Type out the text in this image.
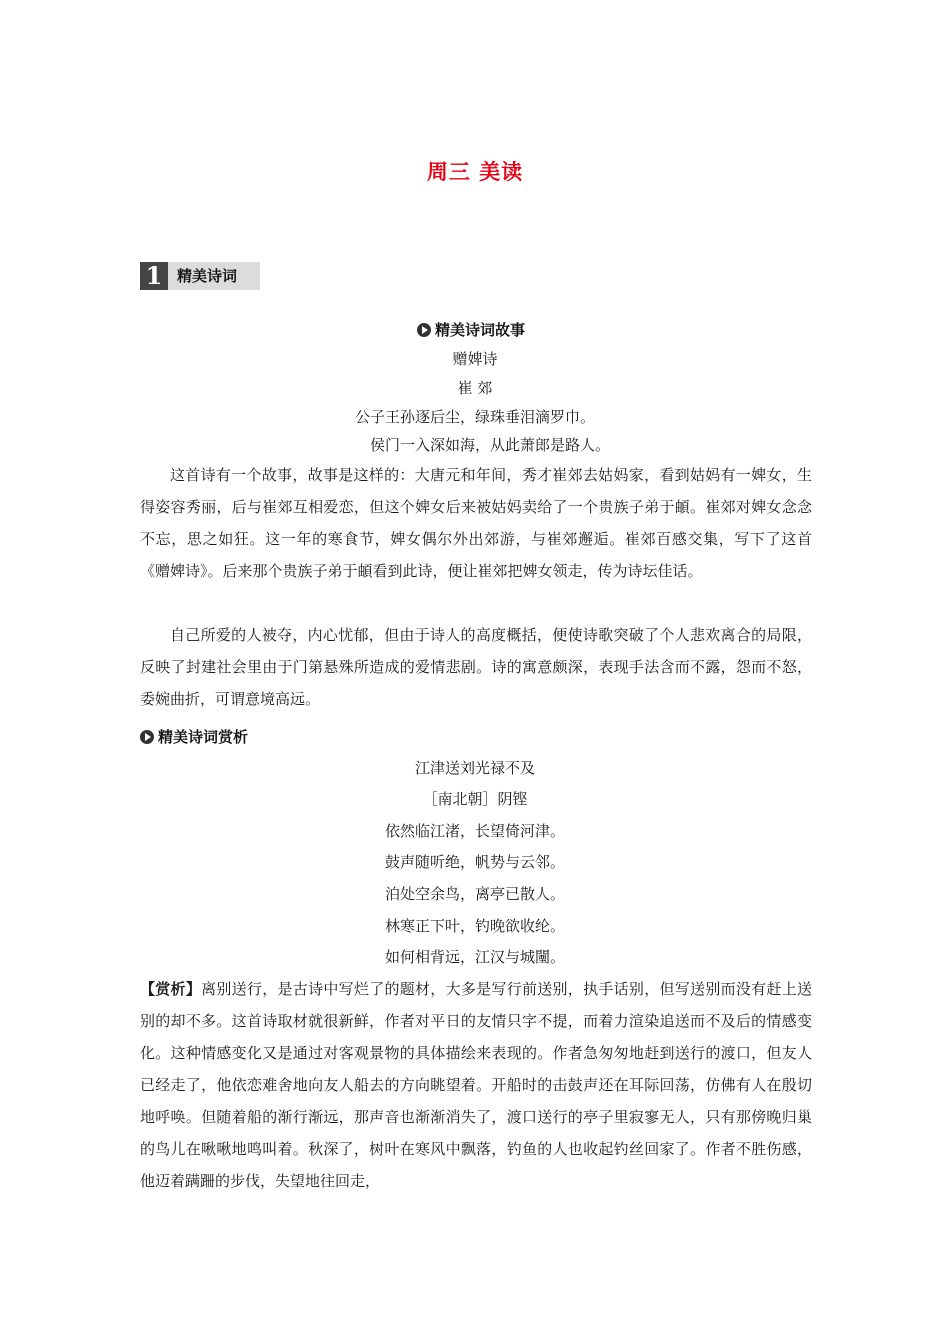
周三 美读
1 精美诗词
精美诗词故事
赠婢诗
崔 郊
公子王孙逐后尘，绿珠垂泪滴罗巾。
侯门一入深如海，从此萧郎是路人。
这首诗有一个故事，故事是这样的：大唐元和年间，秀才崔郊去姑妈家，看到姑妈有一婢女，生得姿容秀丽，后与崔郊互相爱恋，但这个婢女后来被姑妈卖给了一个贵族子弟于頔。崔郊对婢女念念不忘，思之如狂。这一年的寒食节，婢女偶尔外出郊游，与崔郊邂逅。崔郊百感交集，写下了这首《赠婢诗》。后来那个贵族子弟于頔看到此诗，便让崔郊把婢女领走，传为诗坛佳话。
自己所爱的人被夺，内心忧郁，但由于诗人的高度概括，便使诗歌突破了个人悲欢离合的局限，反映了封建社会里由于门第悬殊所造成的爱情悲剧。诗的寓意颇深，表现手法含而不露，怨而不怒，委婉曲折，可谓意境高远。
精美诗词赏析
江津送刘光禄不及
［南北朝］阴铿
依然临江渚，长望倚河津。
鼓声随听绝，帆势与云邻。
泊处空余鸟，离亭已散人。
林寒正下叶，钓晚欲收纶。
如何相背远，江汉与城闉。
【赏析】离别送行，是古诗中写烂了的题材，大多是写行前送别，执手话别，但写送别而没有赶上送别的却不多。这首诗取材就很新鲜，作者对平日的友情只字不提，而着力渲染追送而不及后的情感变化。这种情感变化又是通过对客观景物的具体描绘来表现的。作者急匆匆地赶到送行的渡口，但友人已经走了，他依恋难舍地向友人船去的方向眺望着。开船时的击鼓声还在耳际回荡，仿佛有人在殷切地呼唤。但随着船的渐行渐远，那声音也渐渐消失了，渡口送行的亭子里寂寥无人，只有那傍晚归巢的鸟儿在啾啾地鸣叫着。秋深了，树叶在寒风中飘落，钓鱼的人也收起钓丝回家了。作者不胜伤感，他迈着蹒跚的步伐，失望地往回走，
